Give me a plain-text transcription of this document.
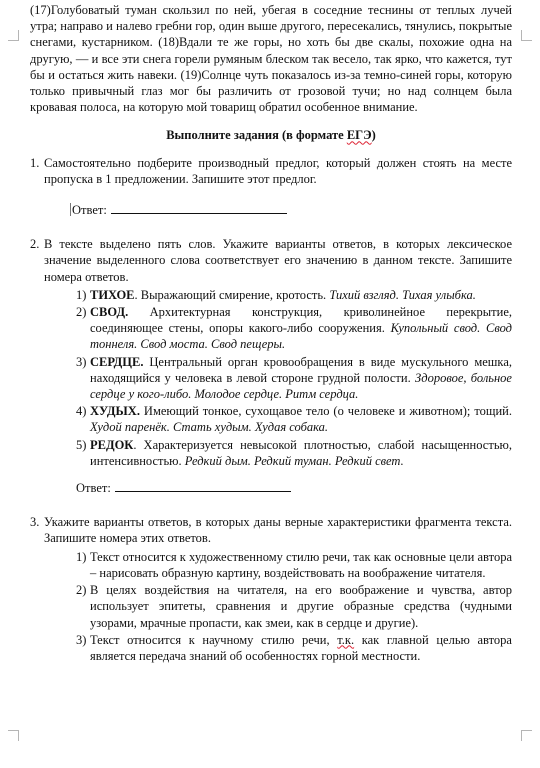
(17)Голубоватый туман скользил по ней, убегая в соседние теснины от теплых лучей утра; направо и налево гребни гор, один выше другого, пересекались, тянулись, покрытые снегами, кустарником. (18)Вдали те же горы, но хоть бы две скалы, похожие одна на другую, — и все эти снега горели румяным блеском так весело, так ярко, что кажется, тут бы и остаться жить навеки. (19)Солнце чуть показалось из-за темно-синей горы, которую только привычный глаз мог бы различить от грозовой тучи; но над солнцем была кровавая полоса, на которую мой товарищ обратил особенное внимание.

Выполните задания (в формате ЕГЭ)

1. Самостоятельно подберите производный предлог, который должен стоять на месте пропуска в 1 предложении. Запишите этот предлог.

Ответ:
2. В тексте выделено пять слов. Укажите варианты ответов, в которых лексическое значение выделенного слова соответствует его значению в данном тексте. Запишите номера ответов.

1) ТИХОЕ. Выражающий смирение, кротость. Тихий взгляд. Тихая улыбка.
2) СВОД. Архитектурная конструкция, криволинейное перекрытие, соединяющее стены, опоры какого-либо сооружения. Купольный свод. Свод тоннеля. Свод моста. Свод пещеры.
3) СЕРДЦЕ. Центральный орган кровообращения в виде мускульного мешка, находящийся у человека в левой стороне грудной полости. Здоровое, больное сердце у кого-либо. Молодое сердце. Ритм сердца.
4) ХУДЫХ. Имеющий тонкое, сухощавое тело (о человеке и животном); тощий. Худой паренёк. Стать худым. Худая собака.
5) РЕДОК. Характеризуется невысокой плотностью, слабой насыщенностью, интенсивностью. Редкий дым. Редкий туман. Редкий свет.
Ответ:
3. Укажите варианты ответов, в которых даны верные характеристики фрагмента текста. Запишите номера этих ответов.

1) Текст относится к художественному стилю речи, так как основные цели автора – нарисовать образную картину, воздействовать на воображение читателя.
2) В целях воздействия на читателя, на его воображение и чувства, автор использует эпитеты, сравнения и другие образные средства (чудными узорами, мрачные пропасти, как змеи, как в сердце и другие).
3) Текст относится к научному стилю речи, т.к. как главной целью автора является передача знаний об особенностях горной местности.
